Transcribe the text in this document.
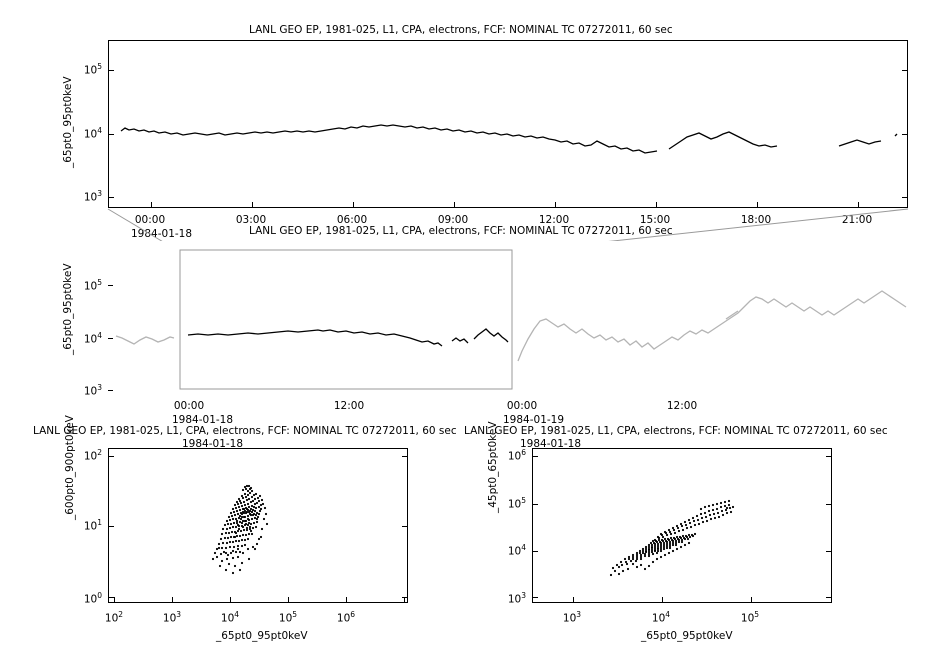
LANL GEO EP, 1981-025, L1, CPA, electrons, FCF: NOMINAL TC 07272011, 60 sec
_65pt0_95pt0keV
$10^5$
$10^4$
$10^3$
00:00	03:00	06:00	09:00	12:00	15:00	18:00	21:00
1984-01-18	LANL GEO EP, 1981-025, L1, CPA, electrons, FCF: NOMINAL TC 07272011, 60 sec
_65pt0_95pt0keV $10^5$
$10^4$
$10^3$
00:00	12:00	00:00	12:00
1984-01-18	1984-01-19
LANL GEO EP, 1981-025, L1, CPA, electrons, FCF: NOMINAL TC 07272011, 60 sec
_600pt0_900pt0keV $10^2$
$10^1$
$10^0$
$10^2$	$10^3$	$10^4$	$10^5$	$10^6$
_65pt0_95pt0keV
1984-01-18
LANL GEO EP, 1981-025, L1, CPA, electrons, FCF: NOMINAL TC 07272011, 60 sec
_45pt0_65pt0keV $10^6$
$10^5$
$10^4$
$10^3$
$10^3$	$10^4$	$10^5$
_65pt0_95pt0keV
1984-01-18
